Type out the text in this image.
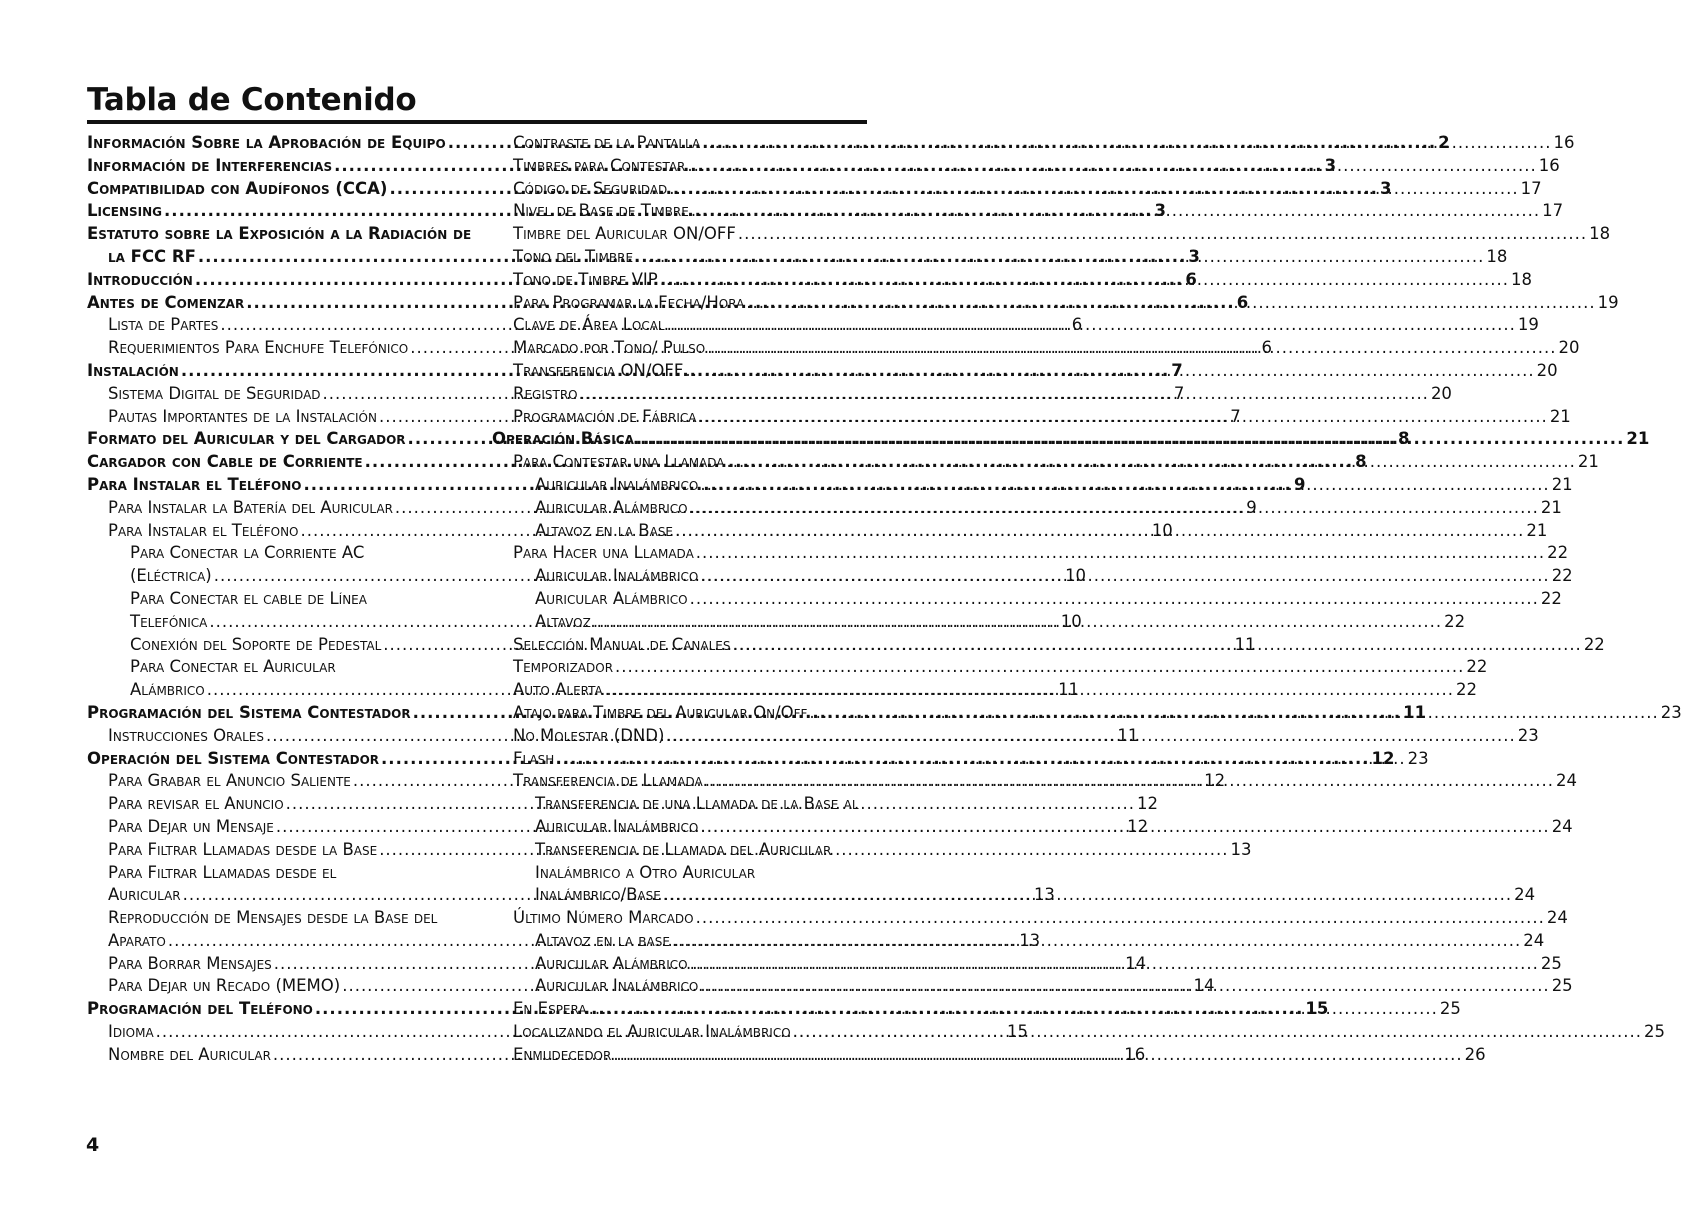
Tabla de Contenido
Información Sobre la Aprobación de Equipo .....	2
Información de Interferencias .....	3
Compatibilidad con Audífonos (CCA) .....	3
Licensing .....	3
Estatuto sobre la Exposición a la Radiación de
la FCC RF .....	3
Introducción .....	6
Antes de Comenzar .....	6
Lista de Partes .....	6
Requerimientos Para Enchufe Telefónico .....	6
Instalación .....	7
Sistema Digital de Seguridad .....	7
Pautas Importantes de la Instalación .....	7
Formato del Auricular y del Cargador .....	8
Cargador con Cable de Corriente .....	8
Para Instalar el Teléfono .....	9
Para Instalar la Batería del Auricular .....	9
Para Instalar el Teléfono .....	10
Para Conectar la Corriente AC
(Eléctrica) .....	10
Para Conectar el cable de Línea
Telefónica .....	10
Conexión del Soporte de Pedestal .....	11
Para Conectar el Auricular
Alámbrico .....	11
Programación del Sistema Contestador .....	11
Instrucciones Orales .....	11
Operación del Sistema Contestador .....	12
Para Grabar el Anuncio Saliente .....	12
Para revisar el Anuncio .....	12
Para Dejar un Mensaje .....	12
Para Filtrar Llamadas desde la Base .....	13
Para Filtrar Llamadas desde el
Auricular .....	13
Reproducción de Mensajes desde la Base del
Aparato .....	13
Para Borrar Mensajes .....	14
Para Dejar un Recado (MEMO) .....	14
Programación del Teléfono .....	15
Idioma .....	15
Nombre del Auricular .....	16
Contraste de la Pantalla .....	16
Timbres para Contestar .....	16
Código de Seguridad .....	17
Nivel de Base de Timbre .....	17
Timbre del Auricular ON/OFF .....	18
Tono del Timbre .....	18
Tono de Timbre VIP .....	18
Para Programar la Fecha/Hora .....	19
Clave de Área Local .....	19
Marcado por Tono/ Pulso .....	20
Transferencia ON/OFF .....	20
Registro .....	20
Programación de Fábrica .....	21
Operación Básica .....	21
Para Contestar una Llamada .....	21
Auricular Inalámbrico .....	21
Auricular Alámbrico .....	21
Altavoz en la Base .....	21
Para Hacer una Llamada .....	22
Auricular Inalámbrico .....	22
Auricular Alámbrico .....	22
Altavoz .....	22
Selección Manual de Canales .....	22
Temporizador .....	22
Auto Alerta .....	22
Atajo para Timbre del Auricular On/Off .....	23
No Molestar (DND) .....	23
Flash .....	23
Transferencia de Llamada .....	24
Transferencia de una Llamada de la Base al
Auricular Inalámbrico .....	24
Transferencia de Llamada del Auricular
Inalámbrico a Otro Auricular
Inalámbrico/Base .....	24
Último Número Marcado .....	24
Altavoz en la base .....	24
Auricular Alámbrico .....	25
Auricular Inalámbrico .....	25
En Espera .....	25
Localizando el Auricular Inalámbrico .....	25
Enmudecedor .....	26
4
